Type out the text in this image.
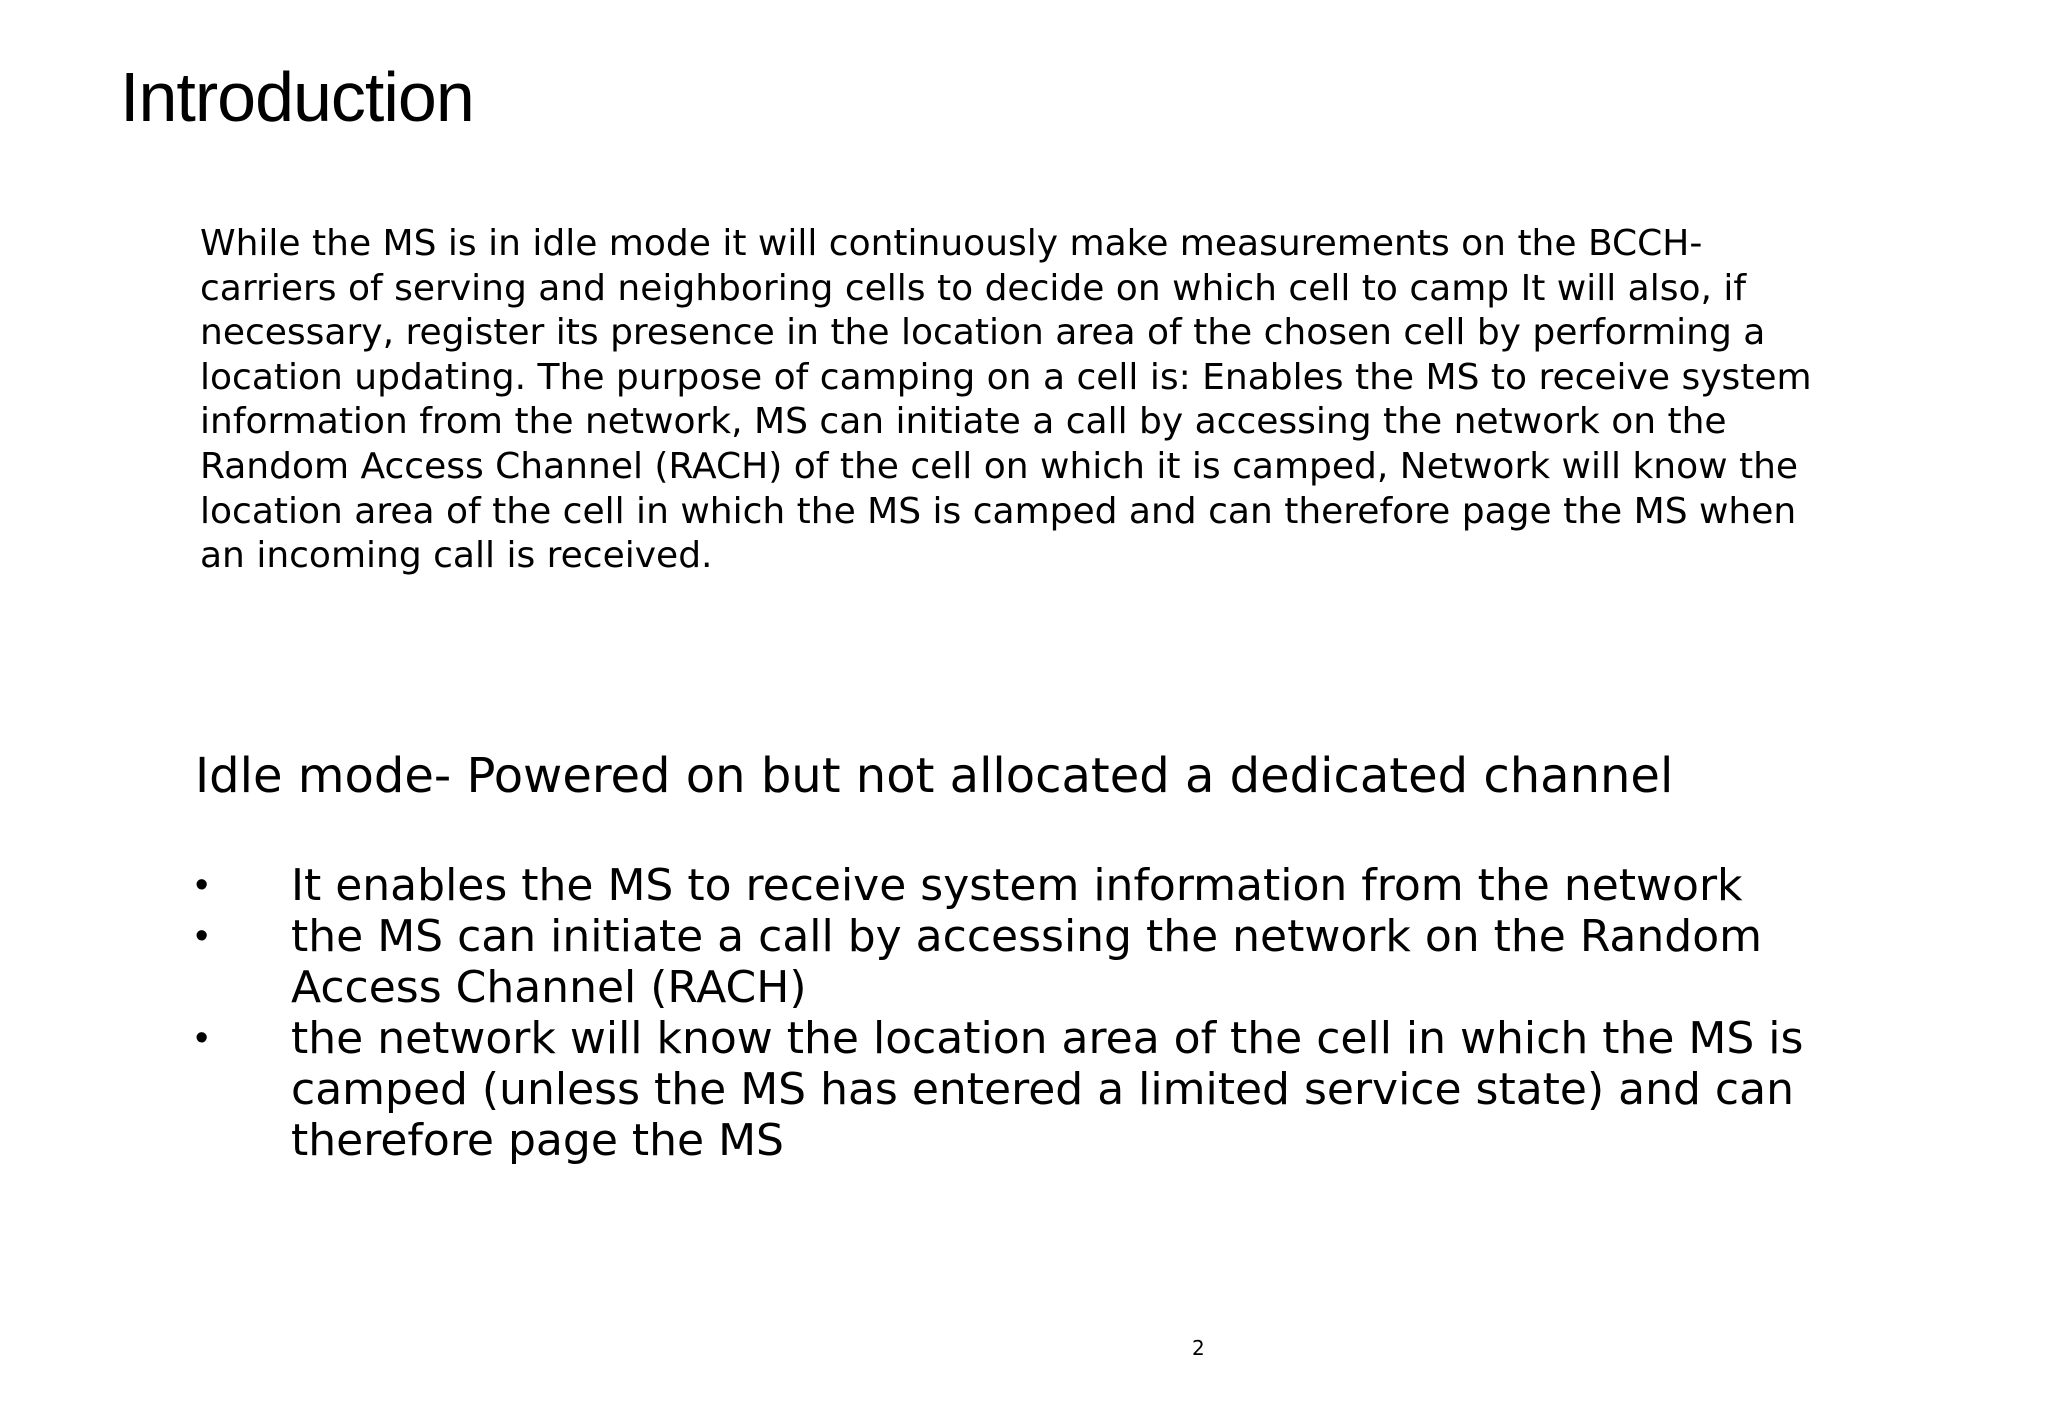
Introduction

While the MS is in idle mode it will continuously make measurements on the BCCH-
carriers of serving and neighboring cells to decide on which cell to camp It will also, if
necessary, register its presence in the location area of the chosen cell by performing a
location updating. The purpose of camping on a cell is: Enables the MS to receive system
information from the network, MS can initiate a call by accessing the network on the
Random Access Channel (RACH) of the cell on which it is camped, Network will know the
location area of the cell in which the MS is camped and can therefore page the MS when
an incoming call is received.

Idle mode- Powered on but not allocated a dedicated channel
• It enables the MS to receive system information from the network
• the MS can initiate a call by accessing the network on the Random
Access Channel (RACH)
• the network will know the location area of the cell in which the MS is
camped (unless the MS has entered a limited service state) and can
therefore page the MS

2
